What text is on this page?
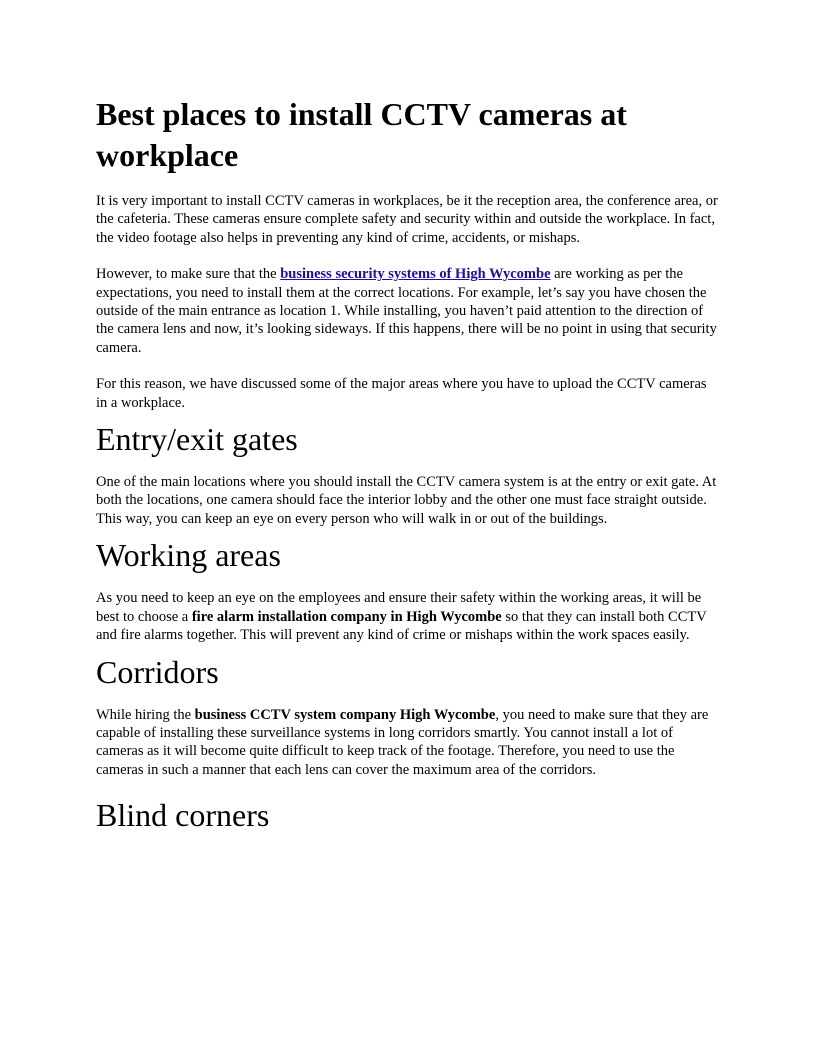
Best places to install CCTV cameras at workplace
It is very important to install CCTV cameras in workplaces, be it the reception area, the conference area, or the cafeteria. These cameras ensure complete safety and security within and outside the workplace. In fact, the video footage also helps in preventing any kind of crime, accidents, or mishaps.
However, to make sure that the business security systems of High Wycombe are working as per the expectations, you need to install them at the correct locations. For example, let’s say you have chosen the outside of the main entrance as location 1. While installing, you haven’t paid attention to the direction of the camera lens and now, it’s looking sideways. If this happens, there will be no point in using that security camera.
For this reason, we have discussed some of the major areas where you have to upload the CCTV cameras in a workplace.
Entry/exit gates
One of the main locations where you should install the CCTV camera system is at the entry or exit gate. At both the locations, one camera should face the interior lobby and the other one must face straight outside. This way, you can keep an eye on every person who will walk in or out of the buildings.
Working areas
As you need to keep an eye on the employees and ensure their safety within the working areas, it will be best to choose a fire alarm installation company in High Wycombe so that they can install both CCTV and fire alarms together. This will prevent any kind of crime or mishaps within the work spaces easily.
Corridors
While hiring the business CCTV system company High Wycombe, you need to make sure that they are capable of installing these surveillance systems in long corridors smartly. You cannot install a lot of cameras as it will become quite difficult to keep track of the footage. Therefore, you need to use the cameras in such a manner that each lens can cover the maximum area of the corridors.
Blind corners
